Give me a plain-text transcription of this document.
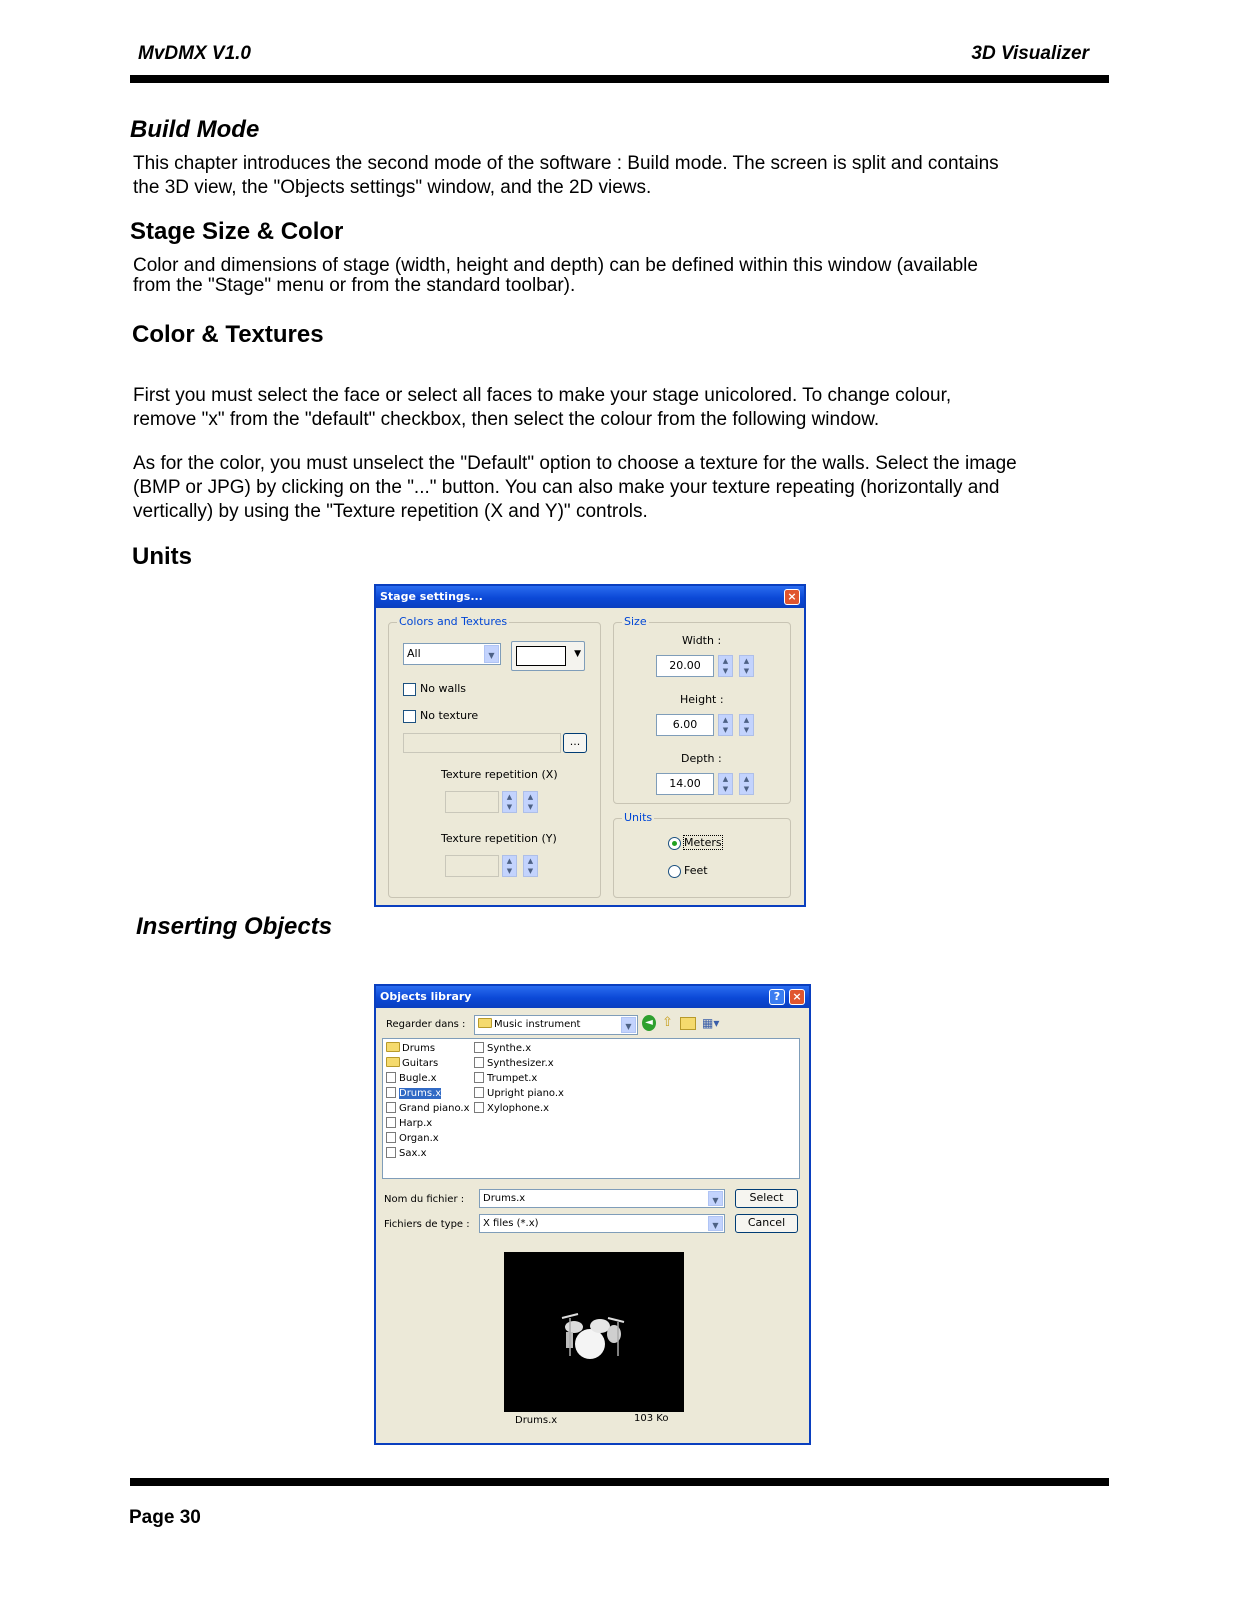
MvDMX V1.0	3D Visualizer
Build Mode
This chapter introduces the second mode of the software : Build mode. The screen is split and contains
the 3D view, the "Objects settings" window, and the 2D views.
Stage Size & Color
Color and dimensions of stage (width, height and depth) can be defined within this window (available
from the "Stage" menu or from the standard toolbar).
Color & Textures
First you must select the face or select all faces to make your stage unicolored. To change colour,
remove "x" from the "default" checkbox, then select the colour from the following window.
As for the color, you must unselect the "Default" option to choose a texture for the walls. Select the image
(BMP or JPG) by clicking on the "..." button. You can also make your texture repeating (horizontally and
vertically) by using the "Texture repetition (X and Y)" controls.
Units
Stage settings...	×
Colors and Textures
All	▼	▼
No walls
No texture
...
Texture repetition (X)
▲
▼
▲
▼
Texture repetition (Y)
▲
▼
▲
▼
Size
Width :
20.00	▲
▼
▲
▼
Height :
6.00	▲
▼
▲
▼
Depth :
14.00	▲
▼
▲
▼
Units
Meters
Feet
Inserting Objects
Objects library	?	×
Regarder dans :	Music instrument	▼	◄ ⇧ ▦▾
Drums
Guitars
Bugle.x
Drums.x
Grand piano.x
Harp.x
Organ.x
Sax.x
Synthe.x
Synthesizer.x
Trumpet.x
Upright piano.x
Xylophone.x
Nom du fichier :	Drums.x	▼	Select
Fichiers de type :	X files (*.x)	▼	Cancel
Drums.x	103 Ko
Page 30
